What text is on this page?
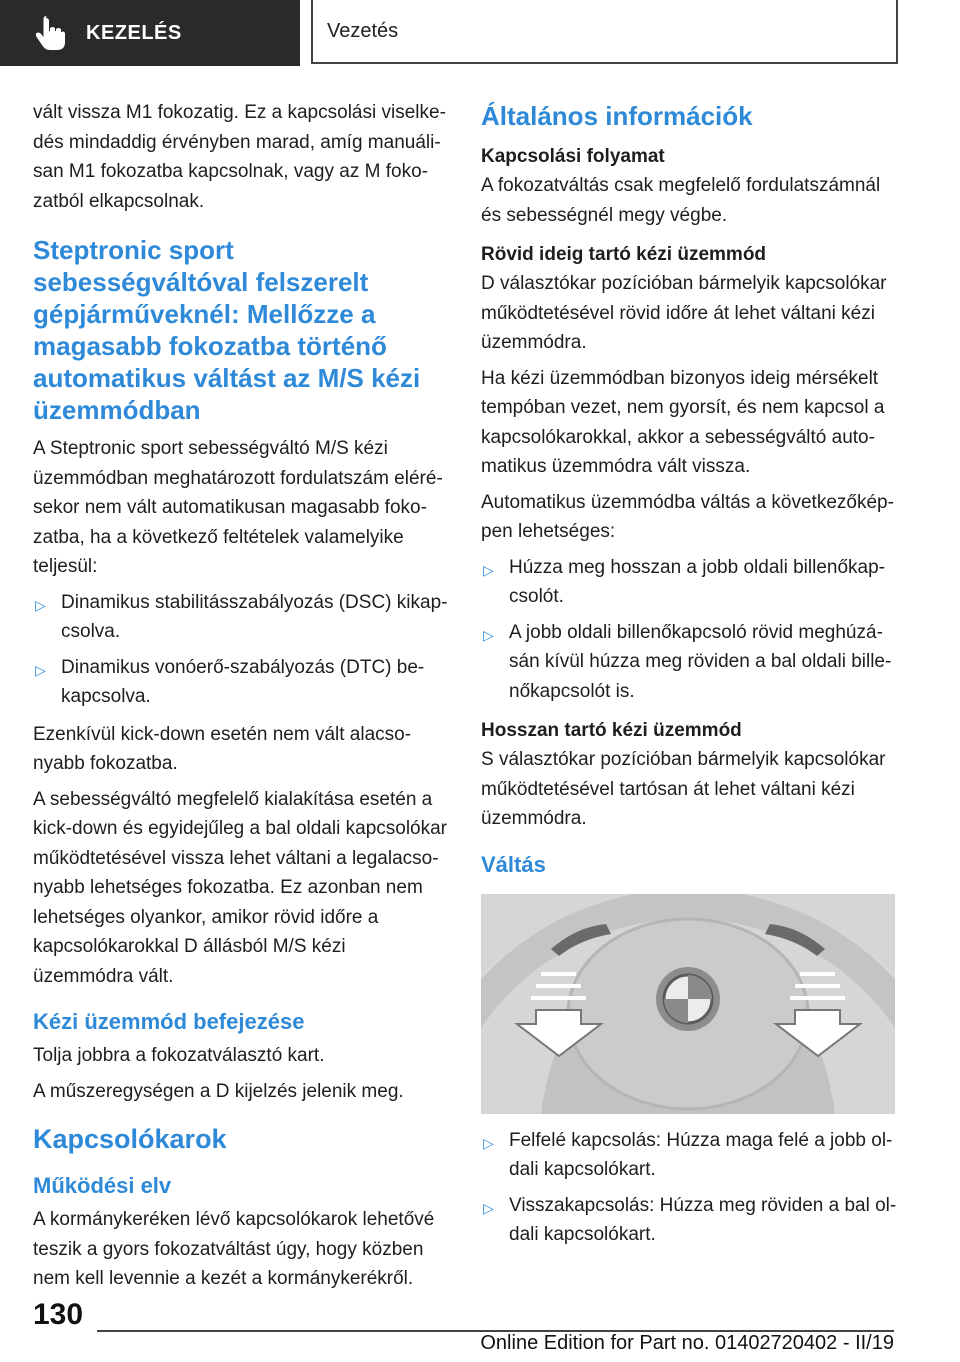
KEZELÉS	Vezetés

vált vissza M1 fokozatig. Ez a kapcsolási viselkedés mindaddig érvényben marad, amíg manuálisan M1 fokozatba kapcsolnak, vagy az M fokozatból elkapcsolnak.

Steptronic sport sebességváltóval felszerelt gépjárműveknél: Mellőzze a magasabb fokozatba történő automatikus váltást az M/S kézi üzemmódban

A Steptronic sport sebességváltó M/S kézi üzemmódban meghatározott fordulatszám elérésekor nem vált automatikusan magasabb fokozatba, ha a következő feltételek valamelyike teljesül:

▷ Dinamikus stabilitásszabályozás (DSC) kikapcsolva.
▷ Dinamikus vonóerő-szabályozás (DTC) bekapcsolva.

Ezenkívül kick-down esetén nem vált alacsonyabb fokozatba.

A sebességváltó megfelelő kialakítása esetén a kick-down és egyidejűleg a bal oldali kapcsolókar működtetésével vissza lehet váltani a legalacsonyabb lehetséges fokozatba. Ez azonban nem lehetséges olyankor, amikor rövid időre a kapcsolókarokkal D állásból M/S kézi üzemmódra vált.

Kézi üzemmód befejezése

Tolja jobbra a fokozatválasztó kart.

A műszeregységen a D kijelzés jelenik meg.

Kapcsolókarok
Működési elv

A kormánykeréken lévő kapcsolókarok lehetővé teszik a gyors fokozatváltást úgy, hogy közben nem kell levennie a kezét a kormánykerékről.

Általános információk
Kapcsolási folyamat

A fokozatváltás csak megfelelő fordulatszámnál és sebességnél megy végbe.

Rövid ideig tartó kézi üzemmód

D választókar pozícióban bármelyik kapcsolókar működtetésével rövid időre át lehet váltani kézi üzemmódra.

Ha kézi üzemmódban bizonyos ideig mérsékelt tempóban vezet, nem gyorsít, és nem kapcsol a kapcsolókarokkal, akkor a sebességváltó automatikus üzemmódra vált vissza.

Automatikus üzemmódba váltás a következőképpen lehetséges:

▷ Húzza meg hosszan a jobb oldali billenőkapcsolót.
▷ A jobb oldali billenőkapcsoló rövid meghúzásán kívül húzza meg röviden a bal oldali billenőkapcsolót is.
Hosszan tartó kézi üzemmód

S választókar pozícióban bármelyik kapcsolókar működtetésével tartósan át lehet váltani kézi üzemmódra.

Váltás
▷ Felfelé kapcsolás: Húzza maga felé a jobb oldali kapcsolókart.
▷ Visszakapcsolás: Húzza meg röviden a bal oldali kapcsolókart.
130
Online Edition for Part no. 01402720402 - II/19
